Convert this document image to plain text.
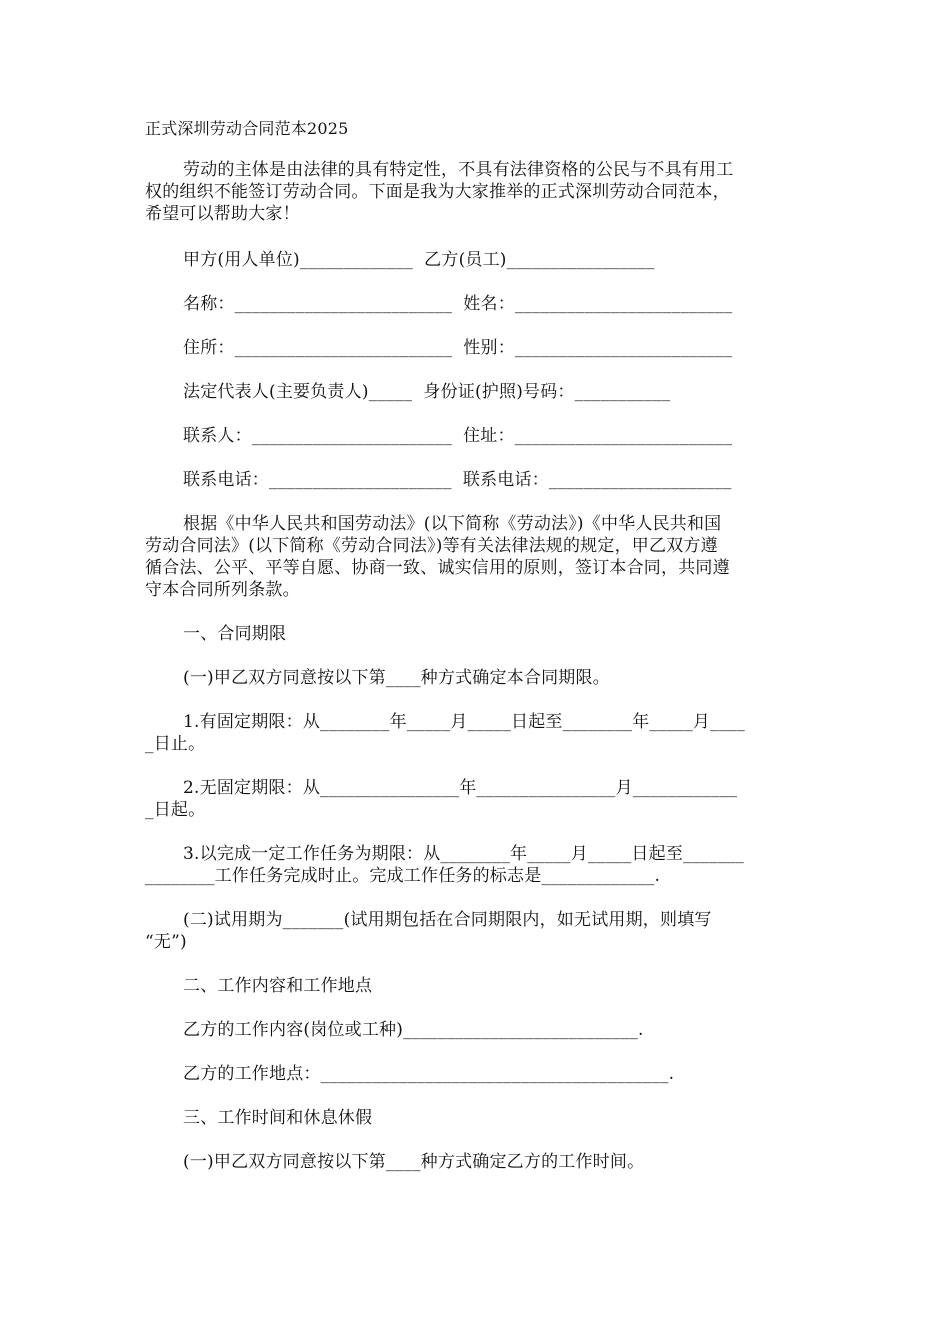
正式深圳劳动合同范本2025
劳动的主体是由法律的具有特定性，不具有法律资格的公民与不具有用工
权的组织不能签订劳动合同。下面是我为大家推举的正式深圳劳动合同范本，
希望可以帮助大家！
甲方(用人单位)_____________  乙方(员工)_________________
名称：_________________________  姓名：_________________________
住所：_________________________  性别：_________________________
法定代表人(主要负责人)_____  身份证(护照)号码：___________
联系人：_______________________  住址：_________________________
联系电话：_____________________  联系电话：_____________________
根据《中华人民共和国劳动法》(以下简称《劳动法》)《中华人民共和国
劳动合同法》(以下简称《劳动合同法》)等有关法律法规的规定，甲乙双方遵
循合法、公平、平等自愿、协商一致、诚实信用的原则，签订本合同，共同遵
守本合同所列条款。
一、合同期限
(一)甲乙双方同意按以下第____种方式确定本合同期限。
1.有固定期限：从________年_____月_____日起至________年_____月____
_日止。
2.无固定期限：从________________年________________月____________
_日起。
3.以完成一定工作任务为期限：从________年_____月_____日起至_______
________工作任务完成时止。完成工作任务的标志是_____________.
(二)试用期为_______(试用期包括在合同期限内，如无试用期，则填写
“无”)
二、工作内容和工作地点
乙方的工作内容(岗位或工种)___________________________.
乙方的工作地点：________________________________________.
三、工作时间和休息休假
(一)甲乙双方同意按以下第____种方式确定乙方的工作时间。
